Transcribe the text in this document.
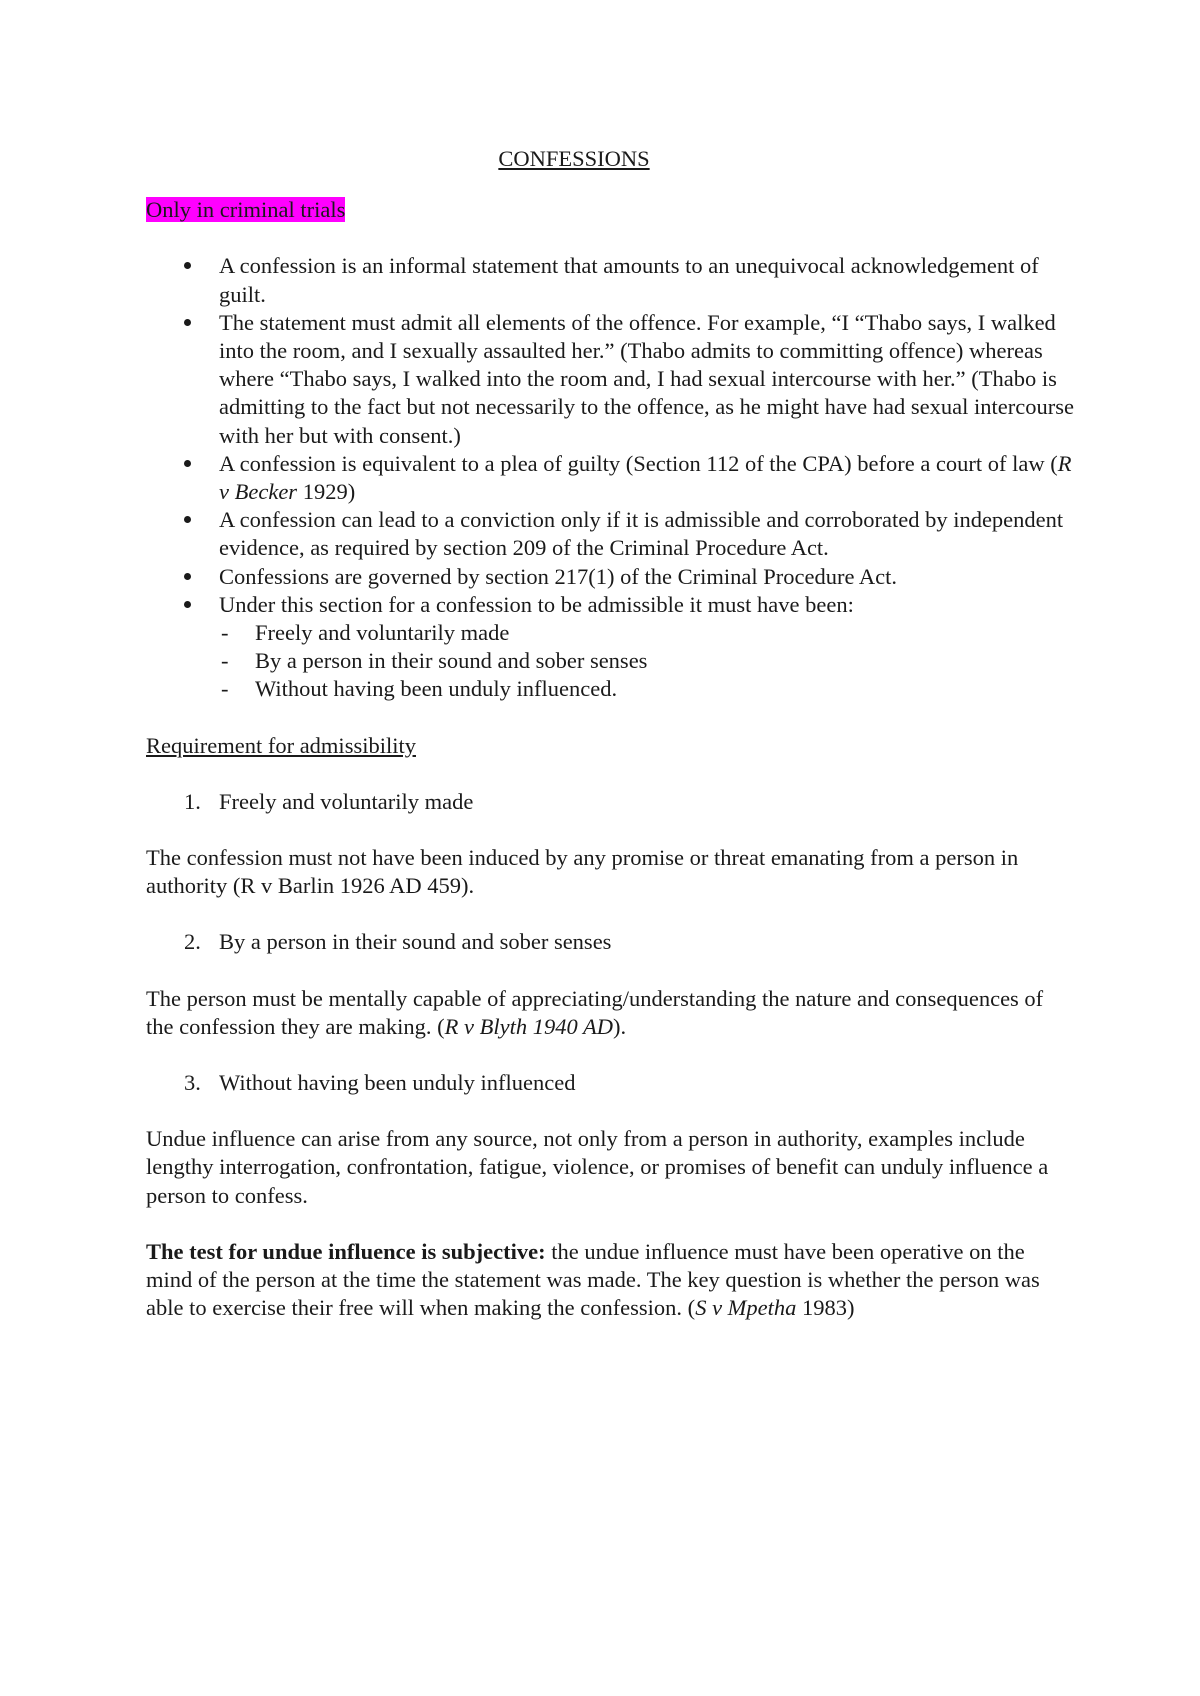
CONFESSIONS

Only in criminal trials

A confession is an informal statement that amounts to an unequivocal acknowledgement of guilt.
The statement must admit all elements of the offence. For example, “I “Thabo says, I walked into the room, and I sexually assaulted her.” (Thabo admits to committing offence) whereas where “Thabo says, I walked into the room and, I had sexual intercourse with her.” (Thabo is admitting to the fact but not necessarily to the offence, as he might have had sexual intercourse with her but with consent.)
A confession is equivalent to a plea of guilty (Section 112 of the CPA) before a court of law (R v Becker 1929)
A confession can lead to a conviction only if it is admissible and corroborated by independent evidence, as required by section 209 of the Criminal Procedure Act.
Confessions are governed by section 217(1) of the Criminal Procedure Act.
Under this section for a confession to be admissible it must have been:
- Freely and voluntarily made
- By a person in their sound and sober senses
- Without having been unduly influenced.

Requirement for admissibility

1. Freely and voluntarily made

The confession must not have been induced by any promise or threat emanating from a person in authority (R v Barlin 1926 AD 459).

2. By a person in their sound and sober senses

The person must be mentally capable of appreciating/understanding the nature and consequences of the confession they are making. (R v Blyth 1940 AD).

3. Without having been unduly influenced

Undue influence can arise from any source, not only from a person in authority, examples include lengthy interrogation, confrontation, fatigue, violence, or promises of benefit can unduly influence a person to confess.

The test for undue influence is subjective: the undue influence must have been operative on the mind of the person at the time the statement was made. The key question is whether the person was able to exercise their free will when making the confession. (S v Mpetha 1983)
